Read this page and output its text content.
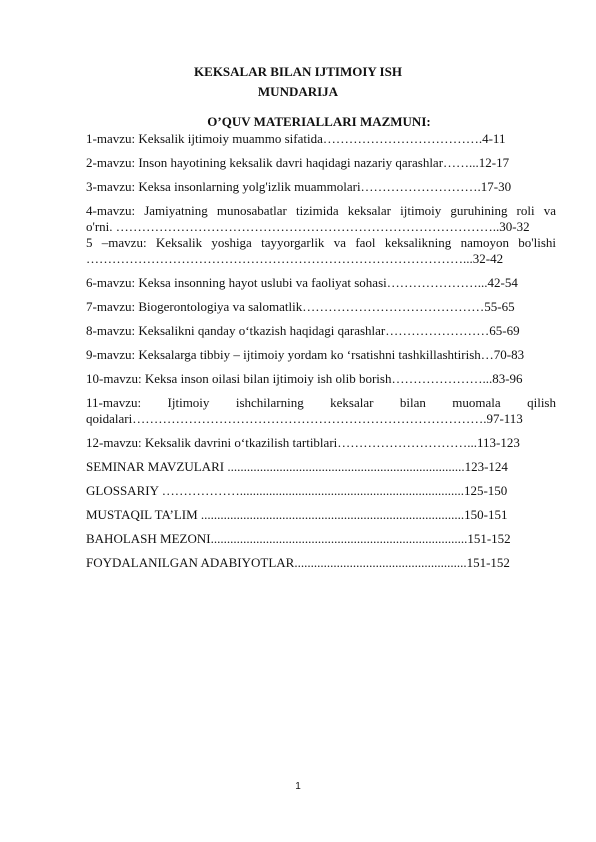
KEKSALAR BILAN IJTIMOIY ISH
MUNDARIJA
O’QUV MATERIALLARI MAZMUNI:
1-mavzu: Keksalik ijtimoiy muammo sifatida……………………………….4-11
2-mavzu: Inson hayotining keksalik davri haqidagi nazariy qarashlar……...12-17
3-mavzu: Keksa insonlarning yolg'izlik muammolari……………………….17-30
4-mavzu: Jamiyatning munosabatlar tizimida keksalar ijtimoiy guruhining roli va
o'rni. ……………………………………………………………………………..30-32
5 –mavzu: Keksalik yoshiga tayyorgarlik va faol keksalikning namoyon bo'lishi
……………………………………………………………………………...32-42
6-mavzu: Keksa insonning hayot uslubi va faoliyat sohasi…………………...42-54
7-mavzu: Biogerontologiya va salomatlik……………………………………55-65
8-mavzu: Keksalikni qanday o‘tkazish haqidagi qarashlar……………………65-69
9-mavzu: Keksalarga tibbiy – ijtimoiy yordam ko ‘rsatishni tashkillashtirish…70-83
10-mavzu: Keksa inson oilasi bilan ijtimoiy ish olib borish…………………...83-96
11-mavzu: Ijtimoiy ishchilarning keksalar bilan muomala qilish
qoidalari……………………………………………………………………….97-113
12-mavzu: Keksalik davrini o‘tkazilish tartiblari…………………………...113-123
SEMINAR MAVZULARI .........................................................................123-124
GLOSSARIY ……………….....................................................................125-150
MUSTAQIL TA’LIM .................................................................................150-151
BAHOLASH MEZONI...............................................................................151-152
FOYDALANILGAN ADABIYOTLAR.....................................................151-152
1
